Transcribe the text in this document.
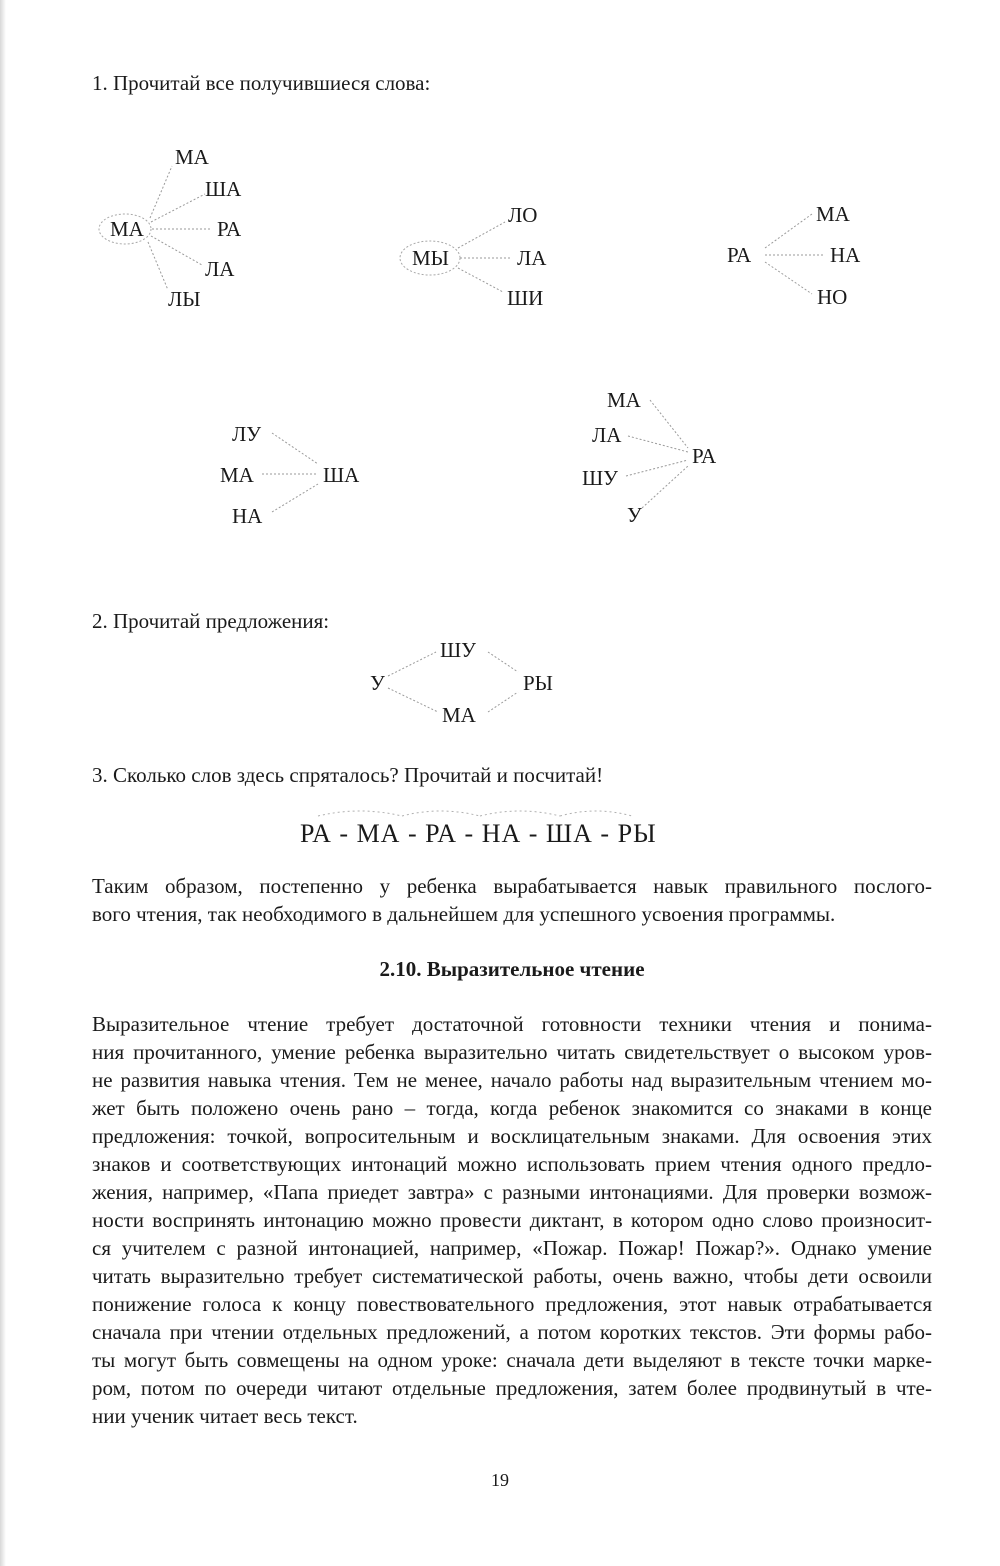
1. Прочитай все получившиеся слова:
МА
МА
ША
РА
ЛА
ЛЫ
МЫ
ЛО
ЛА
ШИ
РА
МА
НА
НО
ЛУ
МА
НА
ША
МА
ЛА
ШУ
У
РА
У
ШУ
МА
РЫ
РА - МА - РА - НА - ША - РЫ
2. Прочитай предложения:
3. Сколько слов здесь спряталось? Прочитай и посчитай!
Таким образом, постепенно у ребенка вырабатывается навык правильного послого-
вого чтения, так необходимого в дальнейшем для успешного усвоения программы.
2.10. Выразительное чтение
Выразительное чтение требует достаточной готовности техники чтения и понима-
ния прочитанного, умение ребенка выразительно читать свидетельствует о высоком уров-
не развития навыка чтения. Тем не менее, начало работы над выразительным чтением мо-
жет быть положено очень рано – тогда, когда ребенок знакомится со знаками в конце
предложения: точкой, вопросительным и восклицательным знаками. Для освоения этих
знаков и соответствующих интонаций можно использовать прием чтения одного предло-
жения, например, «Папа приедет завтра» с разными интонациями. Для проверки возмож-
ности воспринять интонацию можно провести диктант, в котором одно слово произносит-
ся учителем с разной интонацией, например, «Пожар. Пожар! Пожар?». Однако умение
читать выразительно требует систематической работы, очень важно, чтобы дети освоили
понижение голоса к концу повествовательного предложения, этот навык отрабатывается
сначала при чтении отдельных предложений, а потом коротких текстов. Эти формы рабо-
ты могут быть совмещены на одном уроке: сначала дети выделяют в тексте точки марке-
ром, потом по очереди читают отдельные предложения, затем более продвинутый в чте-
нии ученик читает весь текст.
19
